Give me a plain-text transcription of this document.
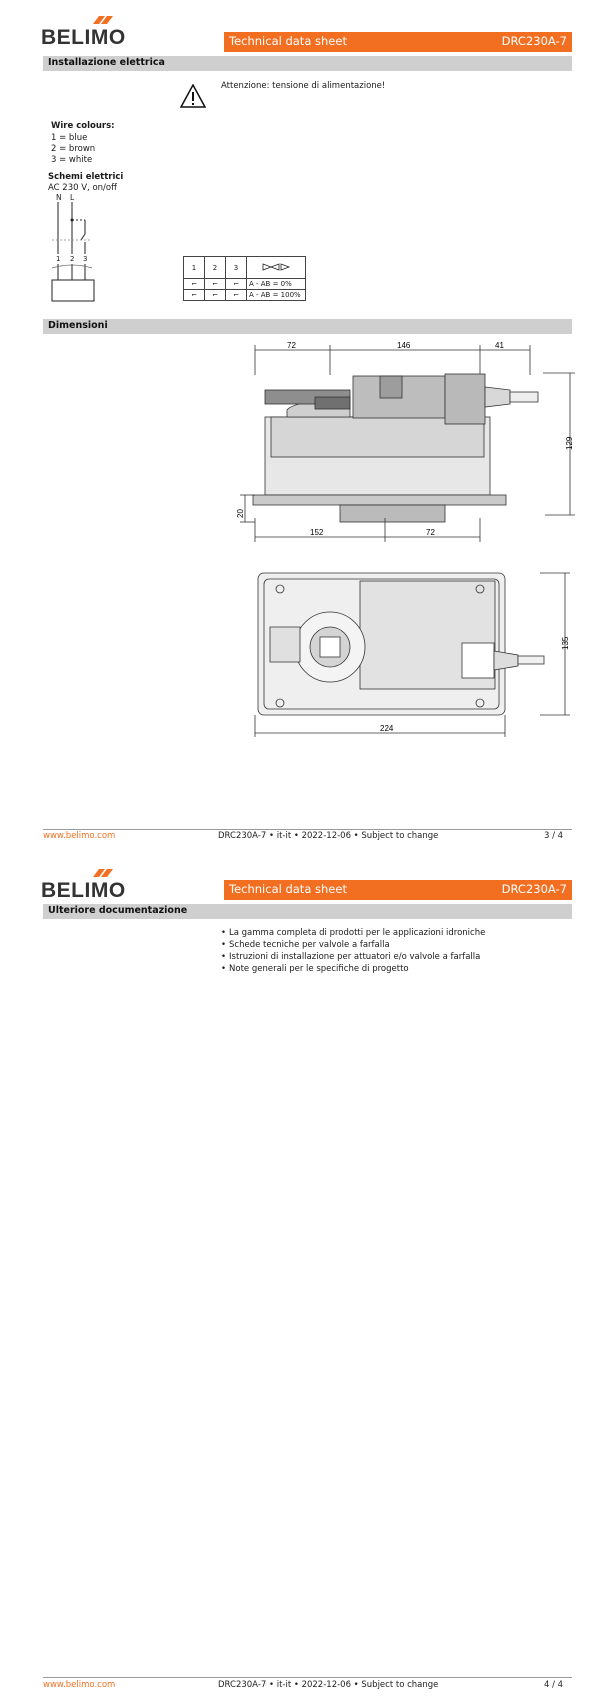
BELIMO	Technical data sheet	DRC230A-7
Installazione elettrica
Attenzione: tensione di alimentazione!
Wire colours:
1 = blue
2 = brown
3 = white
Schemi elettrici
AC 230 V, on/off
N L
1 2 3
1	2	3	
⌐	⌐	⌐	A - AB = 0%
⌐	⌐	⌐	A - AB = 100%
Dimensioni
72	146	41
129
20
152	72
135
224
www.belimo.com	DRC230A-7 • it-it • 2022-12-06 • Subject to change	3 / 4
BELIMO	Technical data sheet	DRC230A-7
Ulteriore documentazione
• La gamma completa di prodotti per le applicazioni idroniche
• Schede tecniche per valvole a farfalla
• Istruzioni di installazione per attuatori e/o valvole a farfalla
• Note generali per le specifiche di progetto
www.belimo.com	DRC230A-7 • it-it • 2022-12-06 • Subject to change	4 / 4
